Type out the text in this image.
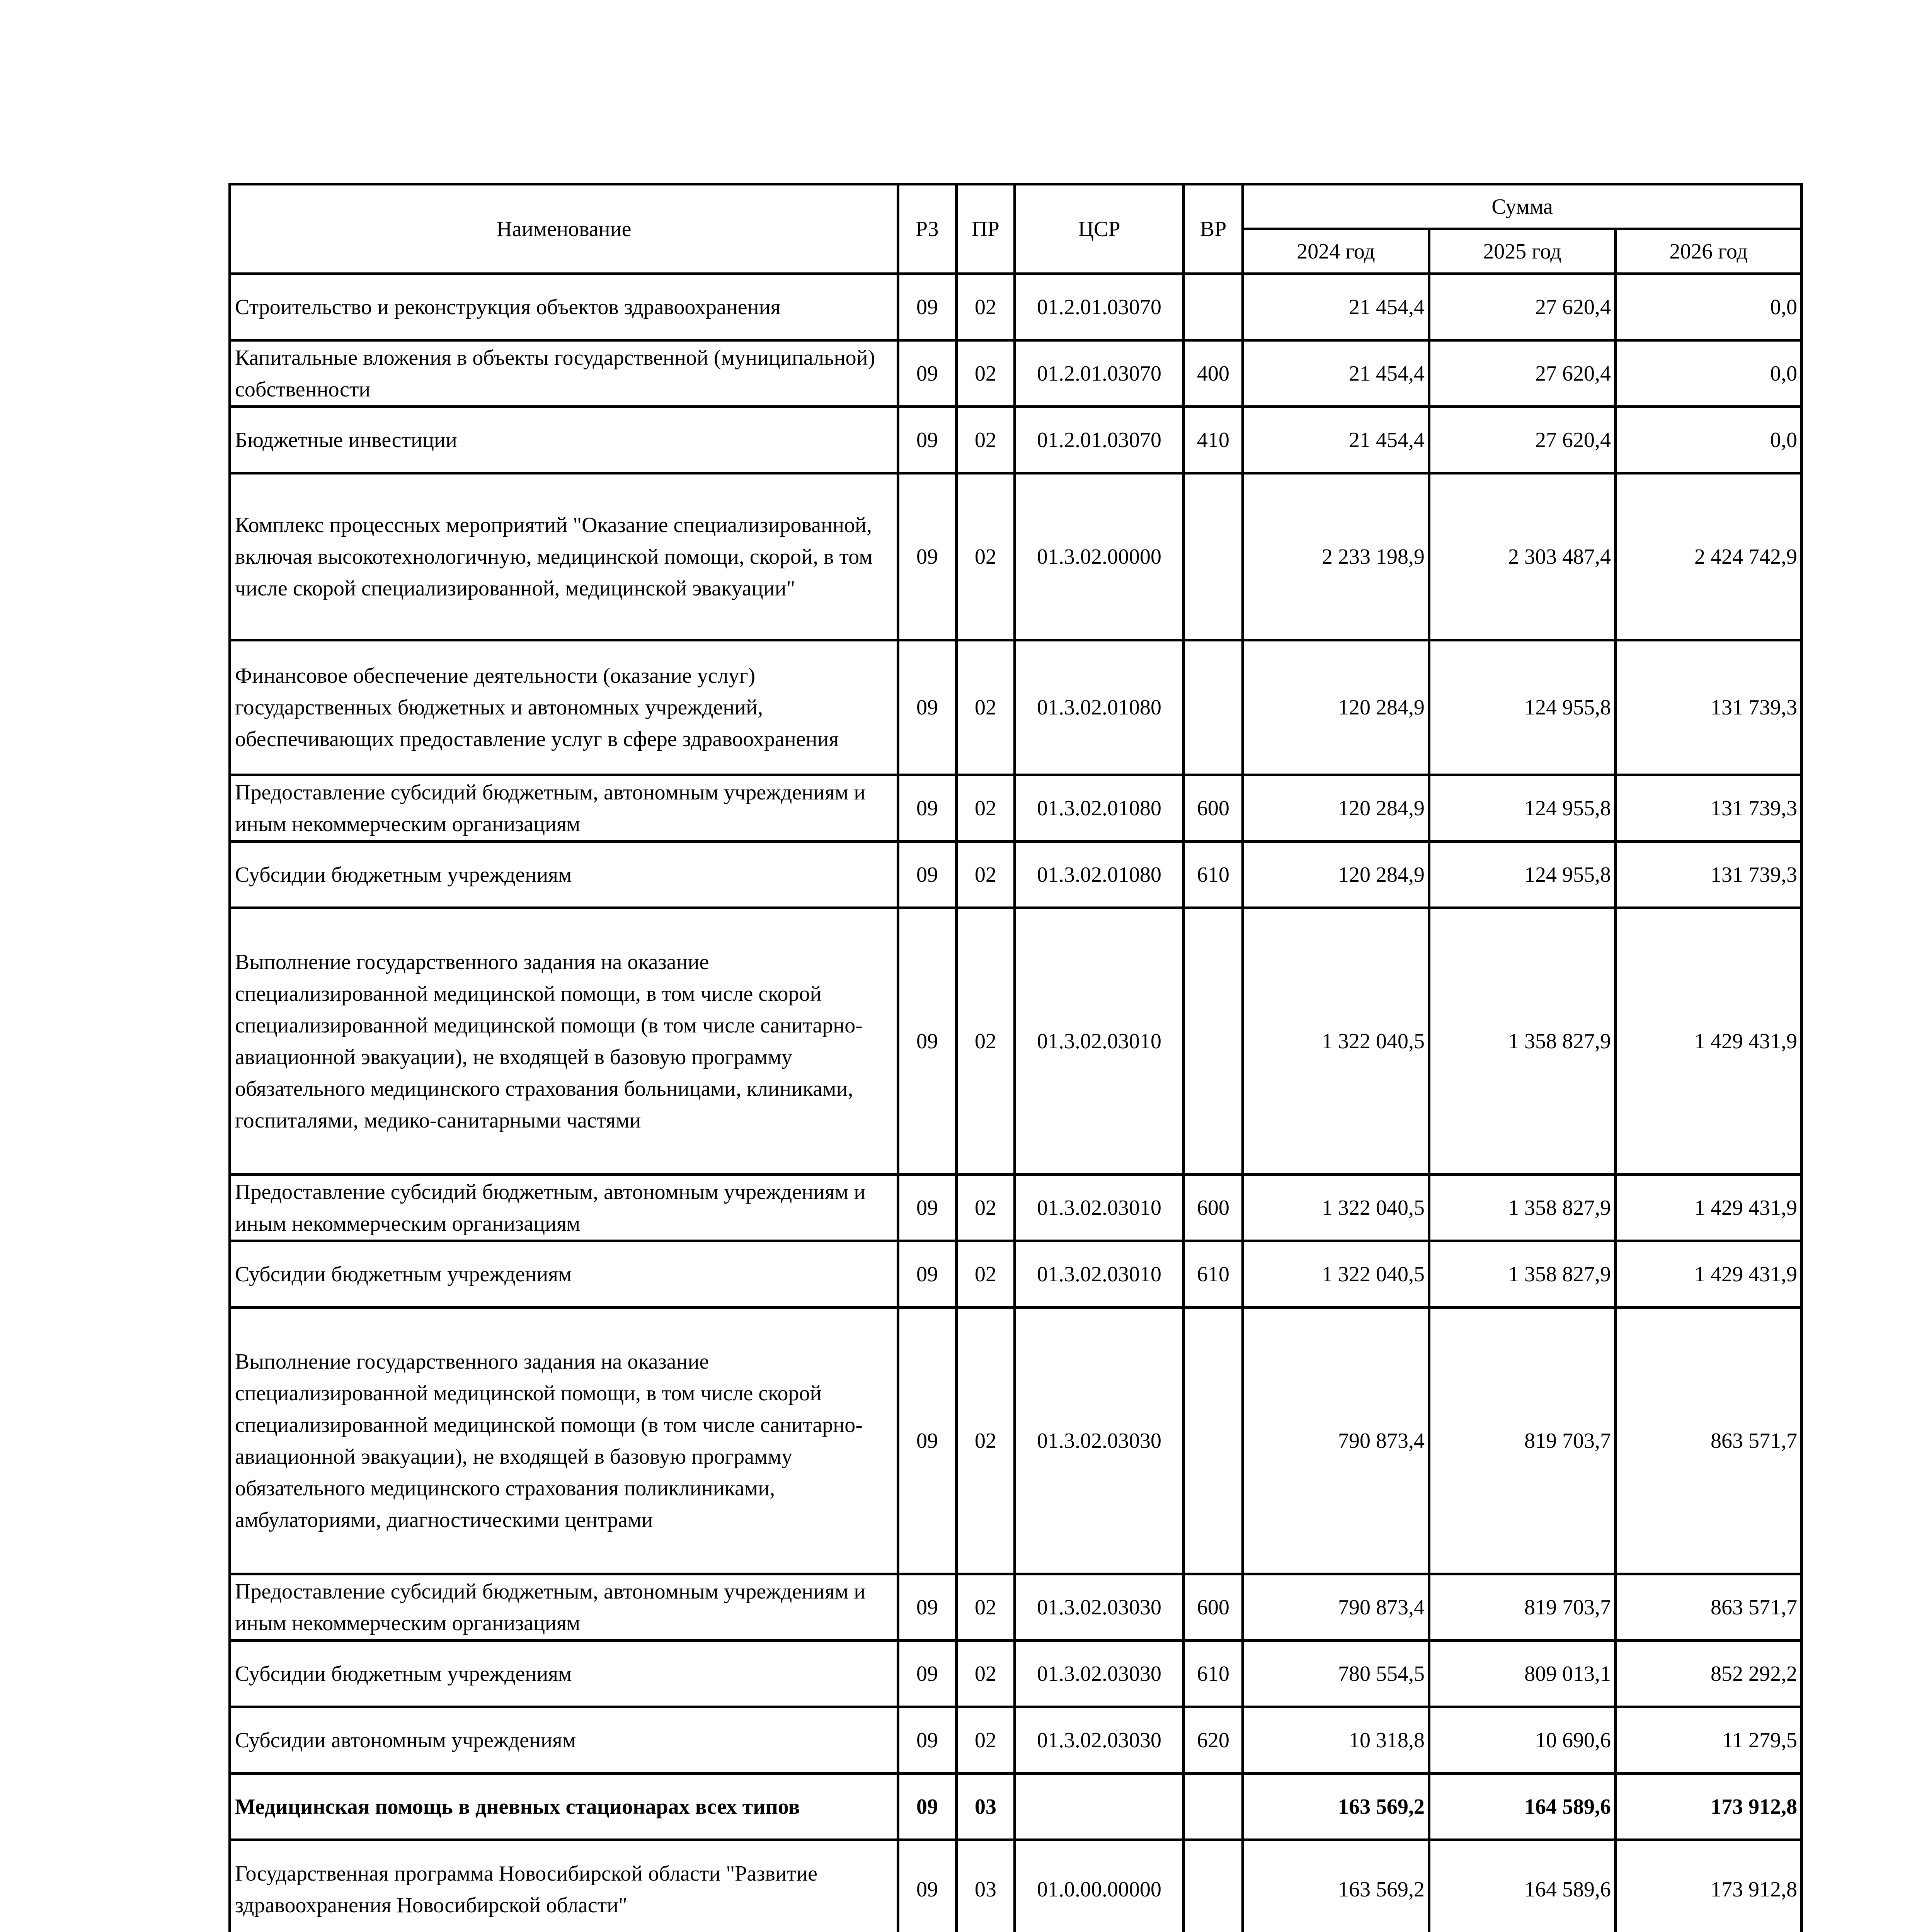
Наименование	РЗ	ПР	ЦСР	ВР	Сумма		
					2024 год	2025 год	2026 год
Строительство и реконструкция объектов здравоохранения	09	02	01.2.01.03070		21 454,4	27 620,4	0,0
Капитальные вложения в объекты государственной (муниципальной) собственности	09	02	01.2.01.03070	400	21 454,4	27 620,4	0,0
Бюджетные инвестиции	09	02	01.2.01.03070	410	21 454,4	27 620,4	0,0
Комплекс процессных мероприятий "Оказание специализированной, включая высокотехнологичную, медицинской помощи, скорой, в том числе скорой специализированной, медицинской эвакуации"	09	02	01.3.02.00000		2 233 198,9	2 303 487,4	2 424 742,9
Финансовое обеспечение деятельности (оказание услуг) государственных бюджетных и автономных учреждений, обеспечивающих предоставление услуг в сфере здравоохранения	09	02	01.3.02.01080		120 284,9	124 955,8	131 739,3
Предоставление субсидий бюджетным, автономным учреждениям и иным некоммерческим организациям	09	02	01.3.02.01080	600	120 284,9	124 955,8	131 739,3
Субсидии бюджетным учреждениям	09	02	01.3.02.01080	610	120 284,9	124 955,8	131 739,3
Выполнение государственного задания на оказание специализированной медицинской помощи, в том числе скорой специализированной медицинской помощи (в том числе санитарно-авиационной эвакуации), не входящей в базовую программу обязательного медицинского страхования больницами, клиниками, госпиталями, медико-санитарными частями	09	02	01.3.02.03010		1 322 040,5	1 358 827,9	1 429 431,9
Предоставление субсидий бюджетным, автономным учреждениям и иным некоммерческим организациям	09	02	01.3.02.03010	600	1 322 040,5	1 358 827,9	1 429 431,9
Субсидии бюджетным учреждениям	09	02	01.3.02.03010	610	1 322 040,5	1 358 827,9	1 429 431,9
Выполнение государственного задания на оказание специализированной медицинской помощи, в том числе скорой специализированной медицинской помощи (в том числе санитарно-авиационной эвакуации), не входящей в базовую программу обязательного медицинского страхования поликлиниками, амбулаториями, диагностическими центрами	09	02	01.3.02.03030		790 873,4	819 703,7	863 571,7
Предоставление субсидий бюджетным, автономным учреждениям и иным некоммерческим организациям	09	02	01.3.02.03030	600	790 873,4	819 703,7	863 571,7
Субсидии бюджетным учреждениям	09	02	01.3.02.03030	610	780 554,5	809 013,1	852 292,2
Субсидии автономным учреждениям	09	02	01.3.02.03030	620	10 318,8	10 690,6	11 279,5
Медицинская помощь в дневных стационарах всех типов	09	03			163 569,2	164 589,6	173 912,8
Государственная программа Новосибирской области "Развитие здравоохранения Новосибирской области"	09	03	01.0.00.00000		163 569,2	164 589,6	173 912,8
